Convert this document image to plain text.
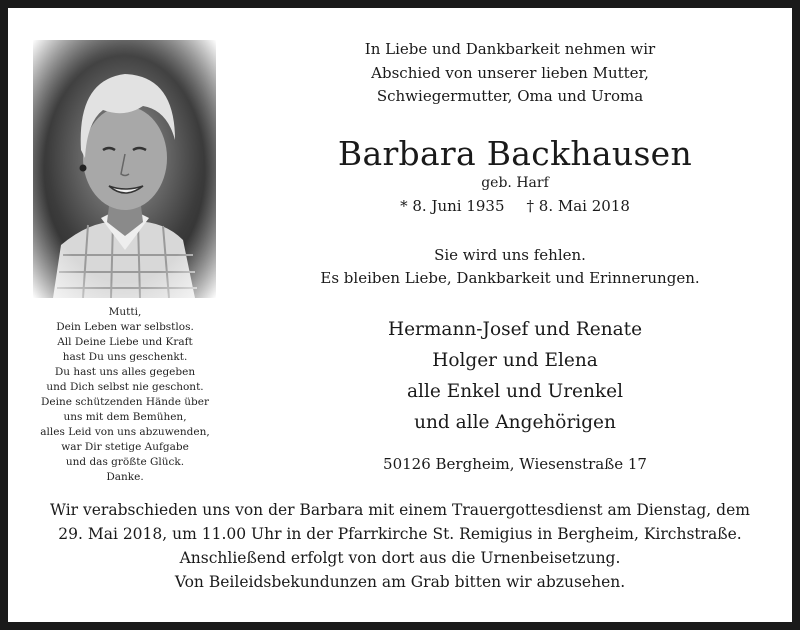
Mutti,
Dein Leben war selbstlos.
All Deine Liebe und Kraft
hast Du uns geschenkt.
Du hast uns alles gegeben
und Dich selbst nie geschont.
Deine schützenden Hände über
uns mit dem Bemühen,
alles Leid von uns abzuwenden,
war Dir stetige Aufgabe
und das größte Glück.
Danke.
In Liebe und Dankbarkeit nehmen wir
Abschied von unserer lieben Mutter,
Schwiegermutter, Oma und Uroma
Barbara Backhausen
geb. Harf
* 8. Juni 1935 † 8. Mai 2018
Sie wird uns fehlen.
Es bleiben Liebe, Dankbarkeit und Erinnerungen.
Hermann-Josef und Renate
Holger und Elena
alle Enkel und Urenkel
und alle Angehörigen
50126 Bergheim, Wiesenstraße 17
Wir verabschieden uns von der Barbara mit einem Trauergottesdienst am Dienstag, dem
29. Mai 2018, um 11.00 Uhr in der Pfarrkirche St. Remigius in Bergheim, Kirchstraße.
Anschließend erfolgt von dort aus die Urnenbeisetzung.
Von Beileidsbekundunzen am Grab bitten wir abzusehen.
